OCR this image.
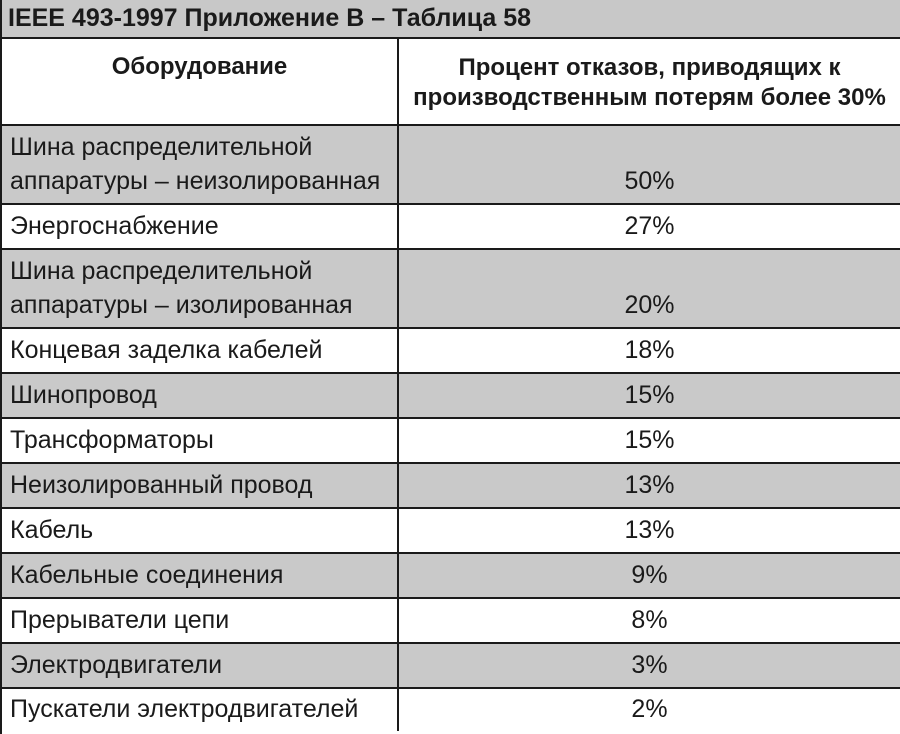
IEEE 493-1997 Приложение В – Таблица 58
Оборудование	Процент отказов, приводящих к
производственным потерям более 30%

Шина распределительной
аппаратуры – неизолированная	50%

Энергоснабжение	27%

Шина распределительной
аппаратуры – изолированная	20%

Концевая заделка кабелей	18%

Шинопровод	15%

Трансформаторы	15%

Неизолированный провод	13%

Кабель	13%

Кабельные соединения	9%

Прерыватели цепи	8%

Электродвигатели	3%

Пускатели электродвигателей	2%
